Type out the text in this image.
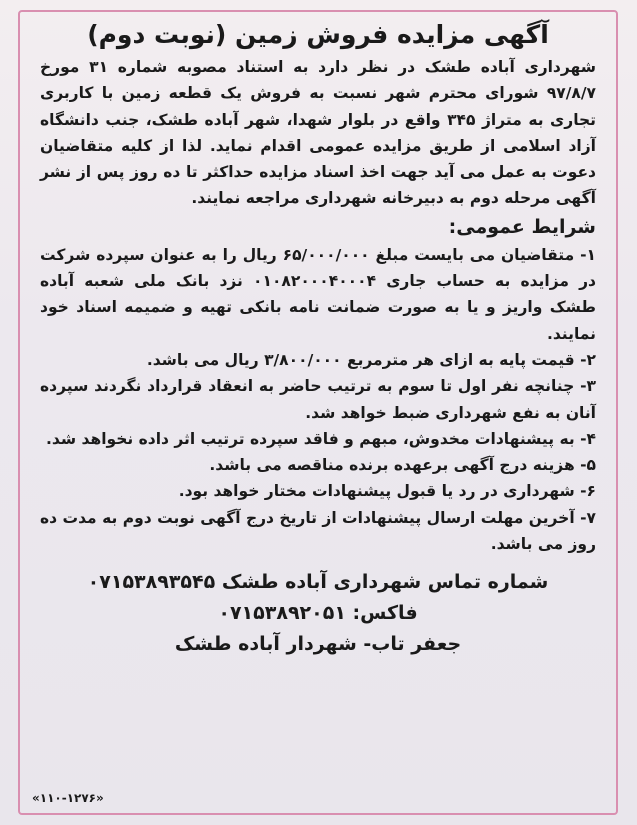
آگهی مزایده فروش زمین (نوبت دوم)

شهرداری آباده طشک در نظر دارد به استناد مصوبه شماره ۳۱ مورخ ۹۷/۸/۷ شورای محترم شهر نسبت به فروش یک قطعه زمین با کاربری تجاری به متراژ ۳۴۵ واقع در بلوار شهدا، شهر آباده طشک، جنب دانشگاه آزاد اسلامی از طریق مزایده عمومی اقدام نماید. لذا از کلیه متقاضیان دعوت به عمل می آید جهت اخذ اسناد مزایده حداکثر تا ده روز پس از نشر آگهی مرحله دوم به دبیرخانه شهرداری مراجعه نمایند.

شرایط عمومی:

۱- متقاضیان می بایست مبلغ ۶۵/۰۰۰/۰۰۰ ریال را به عنوان سپرده شرکت در مزایده به حساب جاری ۰۱۰۸۲۰۰۰۴۰۰۰۴ نزد بانک ملی شعبه آباده طشک واریز و یا به صورت ضمانت نامه بانکی تهیه و ضمیمه اسناد خود نمایند.

۲- قیمت پایه به ازای هر مترمربع ۳/۸۰۰/۰۰۰ ریال می باشد.

۳- چنانچه نفر اول تا سوم به ترتیب حاضر به انعقاد قرارداد نگردند سپرده آنان به نفع شهرداری ضبط خواهد شد.

۴- به پیشنهادات مخدوش، مبهم و فاقد سپرده ترتیب اثر داده نخواهد شد.

۵- هزینه درج آگهی برعهده برنده مناقصه می باشد.

۶- شهرداری در رد یا قبول پیشنهادات مختار خواهد بود.

۷- آخرین مهلت ارسال پیشنهادات از تاریخ درج آگهی نوبت دوم به مدت ده روز می باشد.

شماره تماس شهرداری آباده طشک ۰۷۱۵۳۸۹۳۵۴۵

فاکس: ۰۷۱۵۳۸۹۲۰۵۱

جعفر تاب- شهردار آباده طشک

«۱۱۰-۱۲۷۶»
